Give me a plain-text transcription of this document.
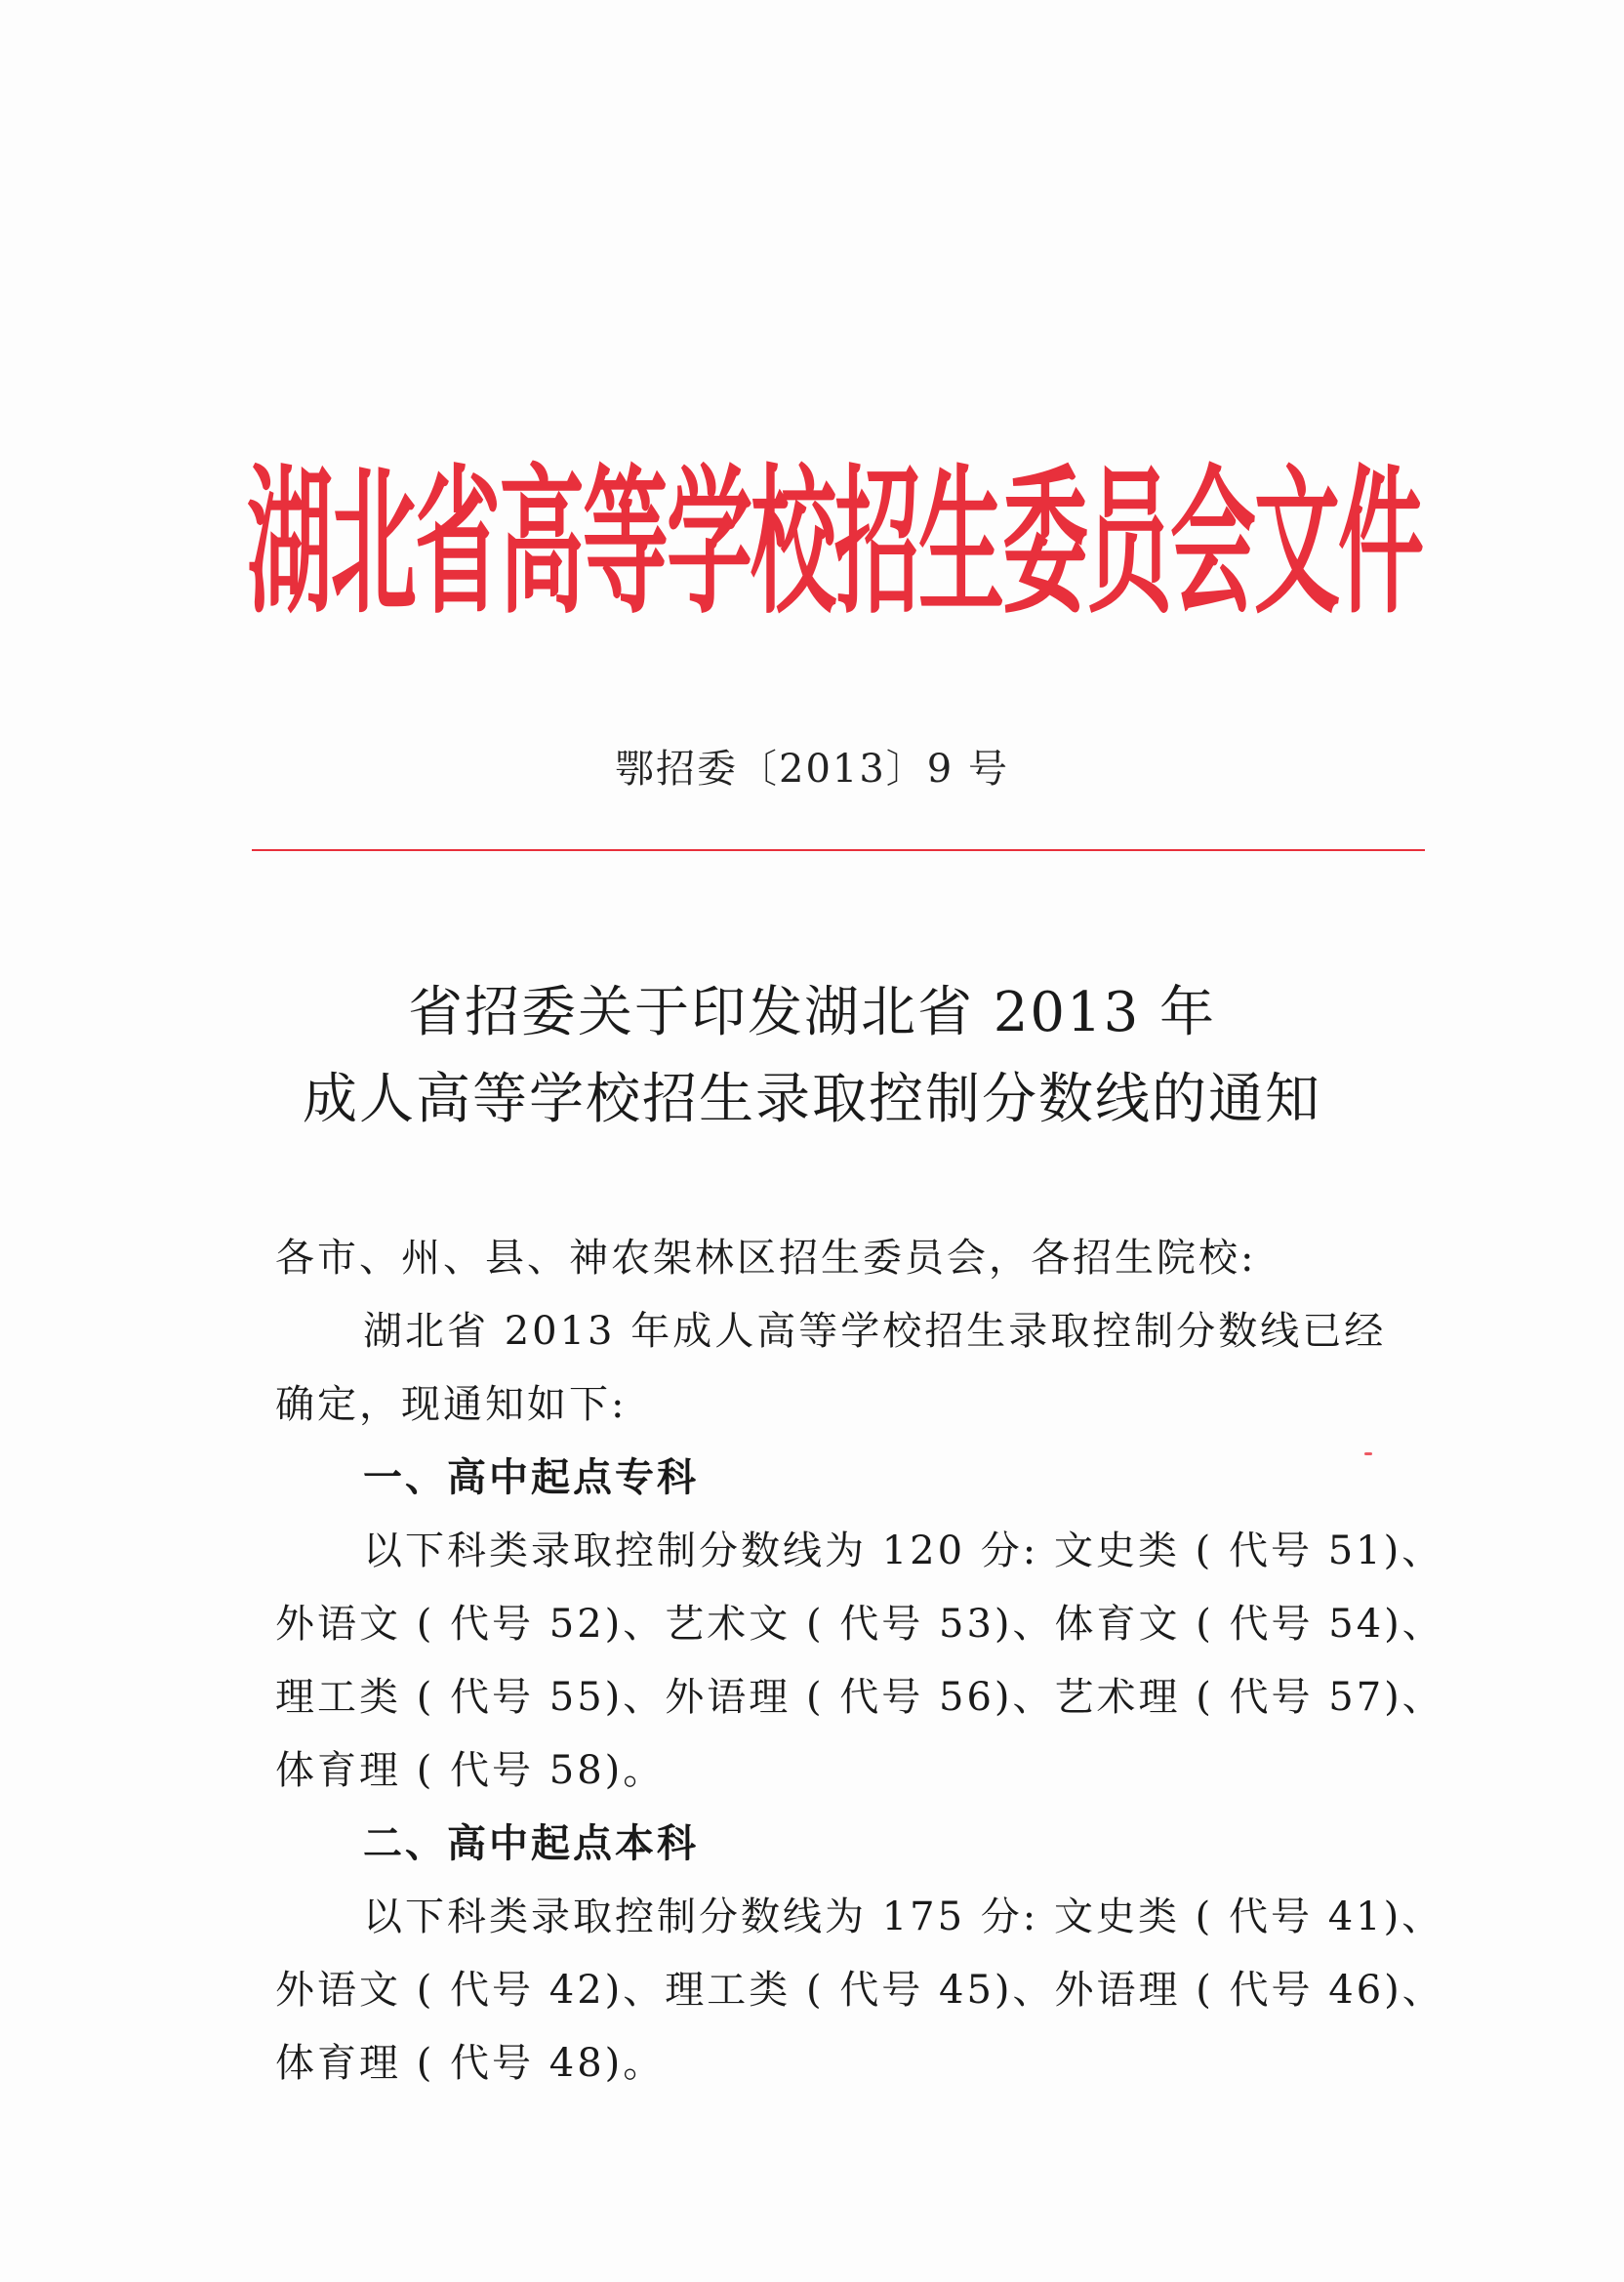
湖北省高等学校招生委员会文件
鄂招委〔2013〕9 号
省招委关于印发湖北省 2013 年
成人高等学校招生录取控制分数线的通知
各市、州、县、神农架林区招生委员会，各招生院校:
湖北省 2013 年成人高等学校招生录取控制分数线已经
确定，现通知如下:
一、高中起点专科
以下科类录取控制分数线为 120 分: 文史类 ( 代号 51)、
外语文 ( 代号 52)、艺术文 ( 代号 53)、体育文 ( 代号 54)、
理工类 ( 代号 55)、外语理 ( 代号 56)、艺术理 ( 代号 57)、
体育理 ( 代号 58)。
二、高中起点本科
以下科类录取控制分数线为 175 分: 文史类 ( 代号 41)、
外语文 ( 代号 42)、理工类 ( 代号 45)、外语理 ( 代号 46)、
体育理 ( 代号 48)。
